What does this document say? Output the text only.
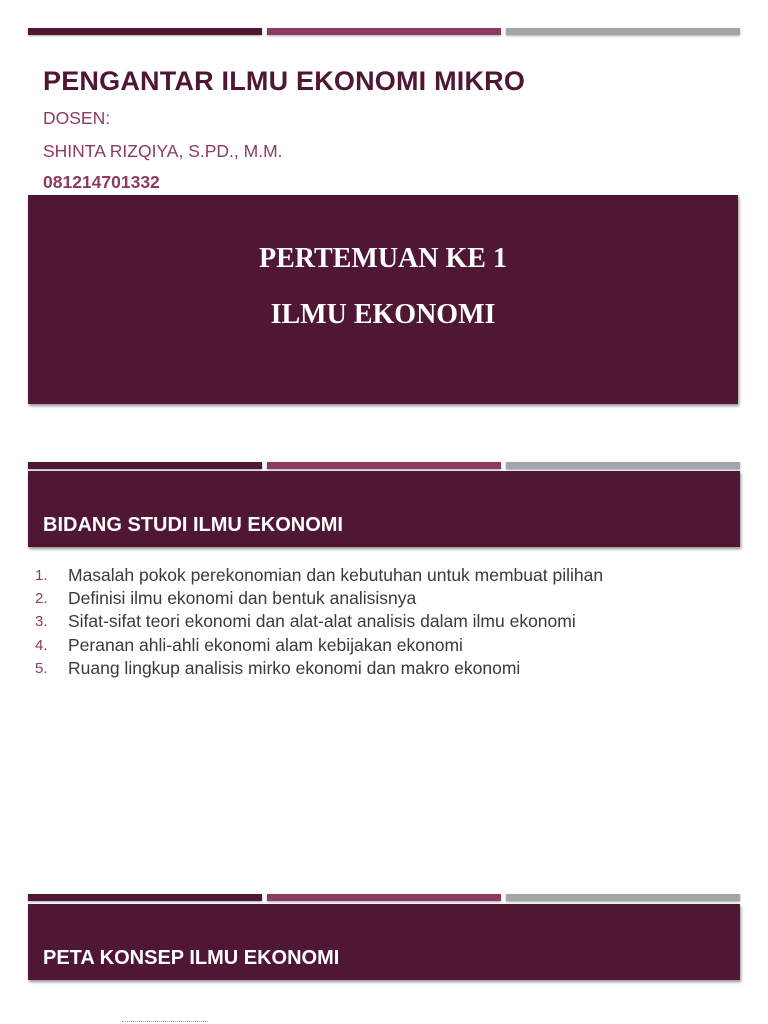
PENGANTAR ILMU EKONOMI MIKRO
DOSEN:
SHINTA RIZQIYA, S.PD., M.M.
081214701332
PERTEMUAN KE 1
ILMU EKONOMI
BIDANG STUDI ILMU EKONOMI
1. Masalah pokok perekonomian dan kebutuhan untuk membuat pilihan
2. Definisi ilmu ekonomi dan bentuk analisisnya
3. Sifat-sifat teori ekonomi dan alat-alat analisis dalam ilmu ekonomi
4. Peranan ahli-ahli ekonomi alam kebijakan ekonomi
5. Ruang lingkup analisis mirko ekonomi dan makro ekonomi
PETA KONSEP ILMU EKONOMI
